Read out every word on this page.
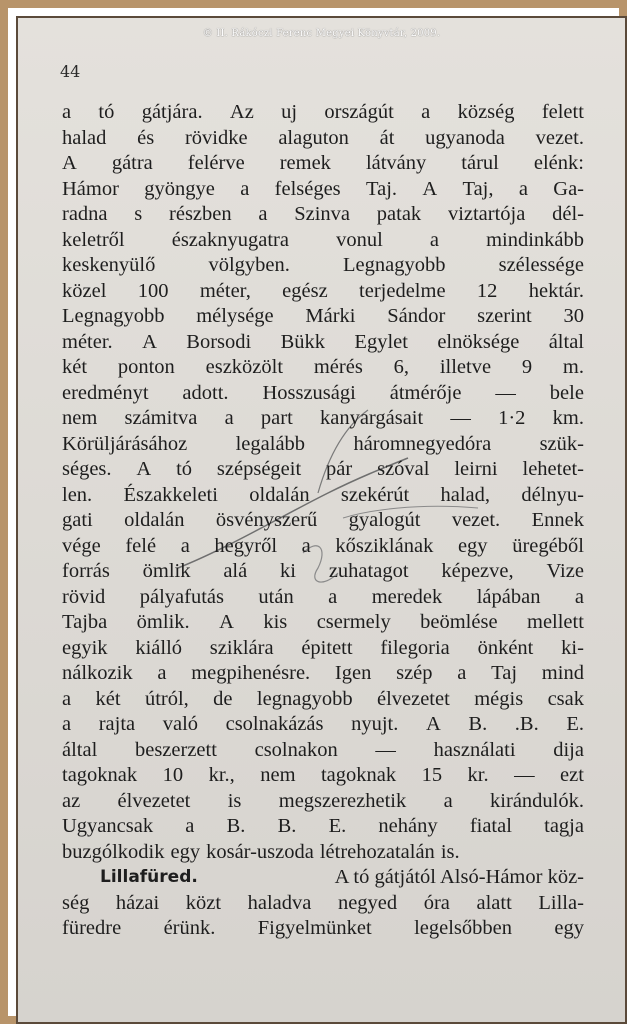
© II. Rákóczi Ferenc Megyei Könyvtár, 2009.
44
a tó gátjára. Az uj országút a község felett
halad és rövidke alaguton át ugyanoda vezet.
A gátra felérve remek látvány tárul elénk:
Hámor gyöngye a felséges Taj. A Taj, a Ga-
radna s részben a Szinva patak viztartója dél-
keletről északnyugatra vonul a mindinkább
keskenyülő	völgyben.	Legnagyobb	szélessége
közel 100 méter, egész terjedelme 12 hektár.
Legnagyobb mélysége Márki Sándor szerint 30
méter. A Borsodi Bükk Egylet elnöksége által
két ponton eszközölt mérés 6, illetve 9 m.
eredményt adott. Hosszusági átmérője — bele
nem számitva a part kanyargásait — 1·2 km.
Körüljárásához legalább háromnegyedóra szük-
séges. A tó szépségeit pár szóval leirni lehetet-
len. Északkeleti oldalán szekérút halad, délnyu-
gati oldalán ösvényszerű gyalogút vezet. Ennek
vége felé a hegyről a kősziklának egy üregéből
forrás ömlik alá ki zuhatagot képezve, Vize
rövid pályafutás után a meredek lápában a
Tajba ömlik. A kis csermely beömlése mellett
egyik kiálló sziklára épitett filegoria önként ki-
nálkozik a megpihenésre. Igen szép a Taj mind
a két útról, de legnagyobb élvezetet mégis csak
a rajta való csolnakázás nyujt. A B. .B. E.
által beszerzett csolnakon — használati dija
tagoknak 10 kr., nem tagoknak 15 kr. — ezt
az élvezetet is megszerezhetik a kirándulók.
Ugyancsak a B. B. E. nehány fiatal tagja
buzgólkodik egy kosár-uszoda létrehozatalán is.
Lillafüred.	A tó gátjától Alsó-Hámor köz-
ség házai közt haladva negyed óra alatt Lilla-
füredre érünk. Figyelmünket legelsőbben egy
